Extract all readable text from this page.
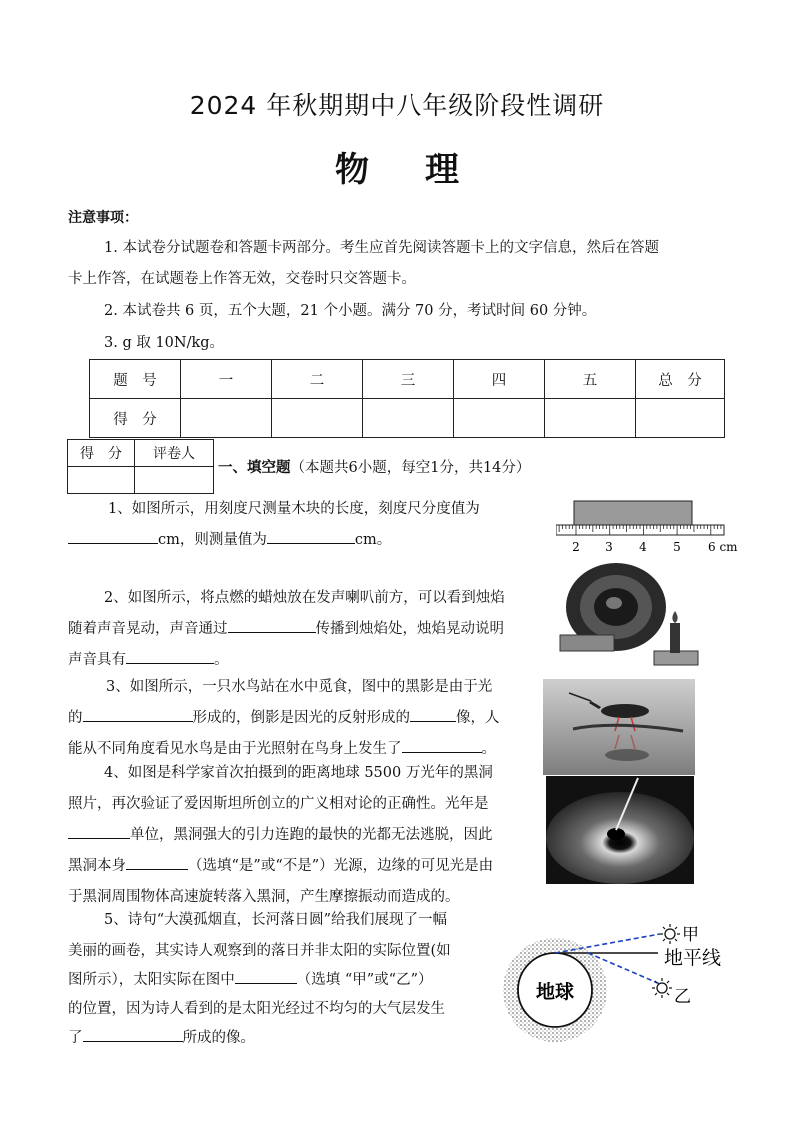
2024 年秋期期中八年级阶段性调研
物 理
注意事项：
1. 本试卷分试题卷和答题卡两部分。考生应首先阅读答题卡上的文字信息，然后在答题
卡上作答，在试题卷上作答无效，交卷时只交答题卡。
2. 本试卷共 6 页，五个大题，21 个小题。满分 70 分，考试时间 60 分钟。
3. g 取 10N/kg。
题　号	一	二	三	四	五	总　分
得　分						
得　分	评卷人

一、填空题（本题共6小题，每空1分，共14分）
1、如图所示，用刻度尺测量木块的长度，刻度尺分度值为
cm，则测量值为	cm。	2 3 4 5 6 cm
2、如图所示，将点燃的蜡烛放在发声喇叭前方，可以看到烛焰
随着声音晃动，声音通过	传播到烛焰处，烛焰晃动说明
声音具有	。
3、如图所示，一只水鸟站在水中觅食，图中的黑影是由于光
的	形成的，倒影是因光的反射形成的	像，人
能从不同角度看见水鸟是由于光照射在鸟身上发生了	。
4、如图是科学家首次拍摄到的距离地球 5500 万光年的黑洞
照片，再次验证了爱因斯坦所创立的广义相对论的正确性。光年是
单位，黑洞强大的引力连跑的最快的光都无法逃脱，因此
黑洞本身	（选填“是”或“不是”）光源，边缘的可见光是由
于黑洞周围物体高速旋转落入黑洞，产生摩擦振动而造成的。
5、诗句“大漠孤烟直，长河落日圆”给我们展现了一幅
美丽的画卷，其实诗人观察到的落日并非太阳的实际位置(如
图所示），太阳实际在图中	（选填 “甲”或“乙”）
的位置，因为诗人看到的是太阳光经过不均匀的大气层发生
了	所成的像。
地球
甲
地平线
乙
